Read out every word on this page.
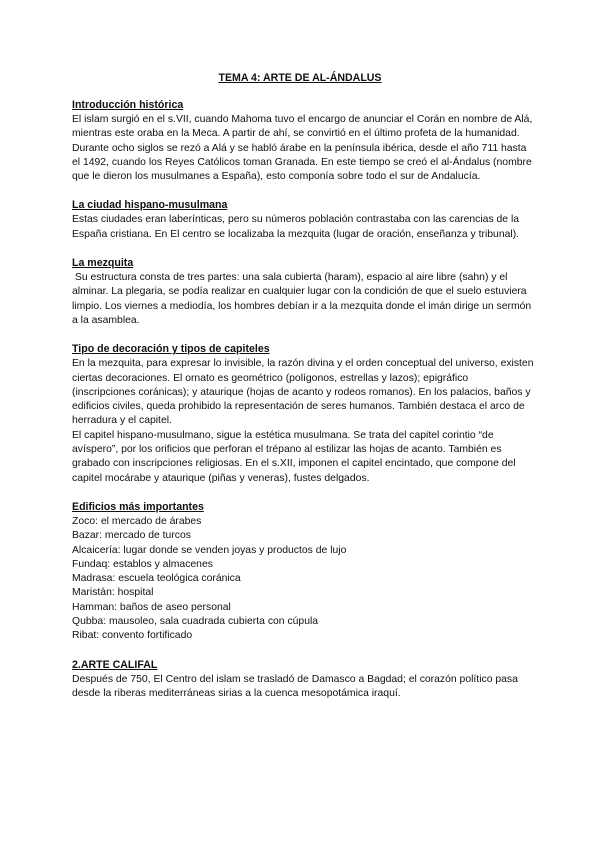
TEMA 4: ARTE DE AL-ÁNDALUS
Introducción histórica

El islam surgió en el s.VII, cuando Mahoma tuvo el encargo de anunciar el Corán en nombre de Alá, mientras este oraba en la Meca. A partir de ahí, se convirtió en el último profeta de la humanidad.

Durante ocho siglos se rezó a Alá y se habló árabe en la península ibérica, desde el año 711 hasta el 1492, cuando los Reyes Católicos toman Granada. En este tiempo se creó el al-Ándalus (nombre que le dieron los musulmanes a España), esto componía sobre todo el sur de Andalucía.

La ciudad hispano-musulmana

Estas ciudades eran laberínticas, pero su números población contrastaba con las carencias de la España cristiana. En El centro se localizaba la mezquita (lugar de oración, enseñanza y tribunal).

La mezquita

Su estructura consta de tres partes: una sala cubierta (haram), espacio al aire libre (sahn) y el alminar. La plegaria, se podía realizar en cualquier lugar con la condición de que el suelo estuviera limpio. Los viernes a mediodía, los hombres debían ir a la mezquita donde el imán dirige un sermón a la asamblea.

Tipo de decoración y tipos de capiteles

En la mezquita, para expresar lo invisible, la razón divina y el orden conceptual del universo, existen ciertas decoraciones. El ornato es geométrico (polígonos, estrellas y lazos); epigráfico (inscripciones coránicas); y ataurique (hojas de acanto y rodeos romanos). En los palacios, baños y edificios civiles, queda prohibido la representación de seres humanos. También destaca el arco de herradura y el capitel.

El capitel hispano-musulmano, sigue la estética musulmana. Se trata del capitel corintio “de avíspero”, por los orificios que perforan el trépano al estilizar las hojas de acanto. También es grabado con inscripciones religiosas. En el s.XII, imponen el capitel encintado, que compone del capitel mocárabe y ataurique (piñas y veneras), fustes delgados.

Edificios más importantes
Zoco: el mercado de árabes
Bazar: mercado de turcos
Alcaicería: lugar donde se venden joyas y productos de lujo
Fundaq: establos y almacenes
Madrasa: escuela teológica coránica
Maristán: hospital
Hamman: baños de aseo personal
Qubba: mausoleo, sala cuadrada cubierta con cúpula
Ribat: convento fortificado
2.ARTE CALIFAL

Después de 750, El Centro del islam se trasladó de Damasco a Bagdad; el corazón político pasa desde la riberas mediterráneas sirias a la cuenca mesopotámica iraquí.
